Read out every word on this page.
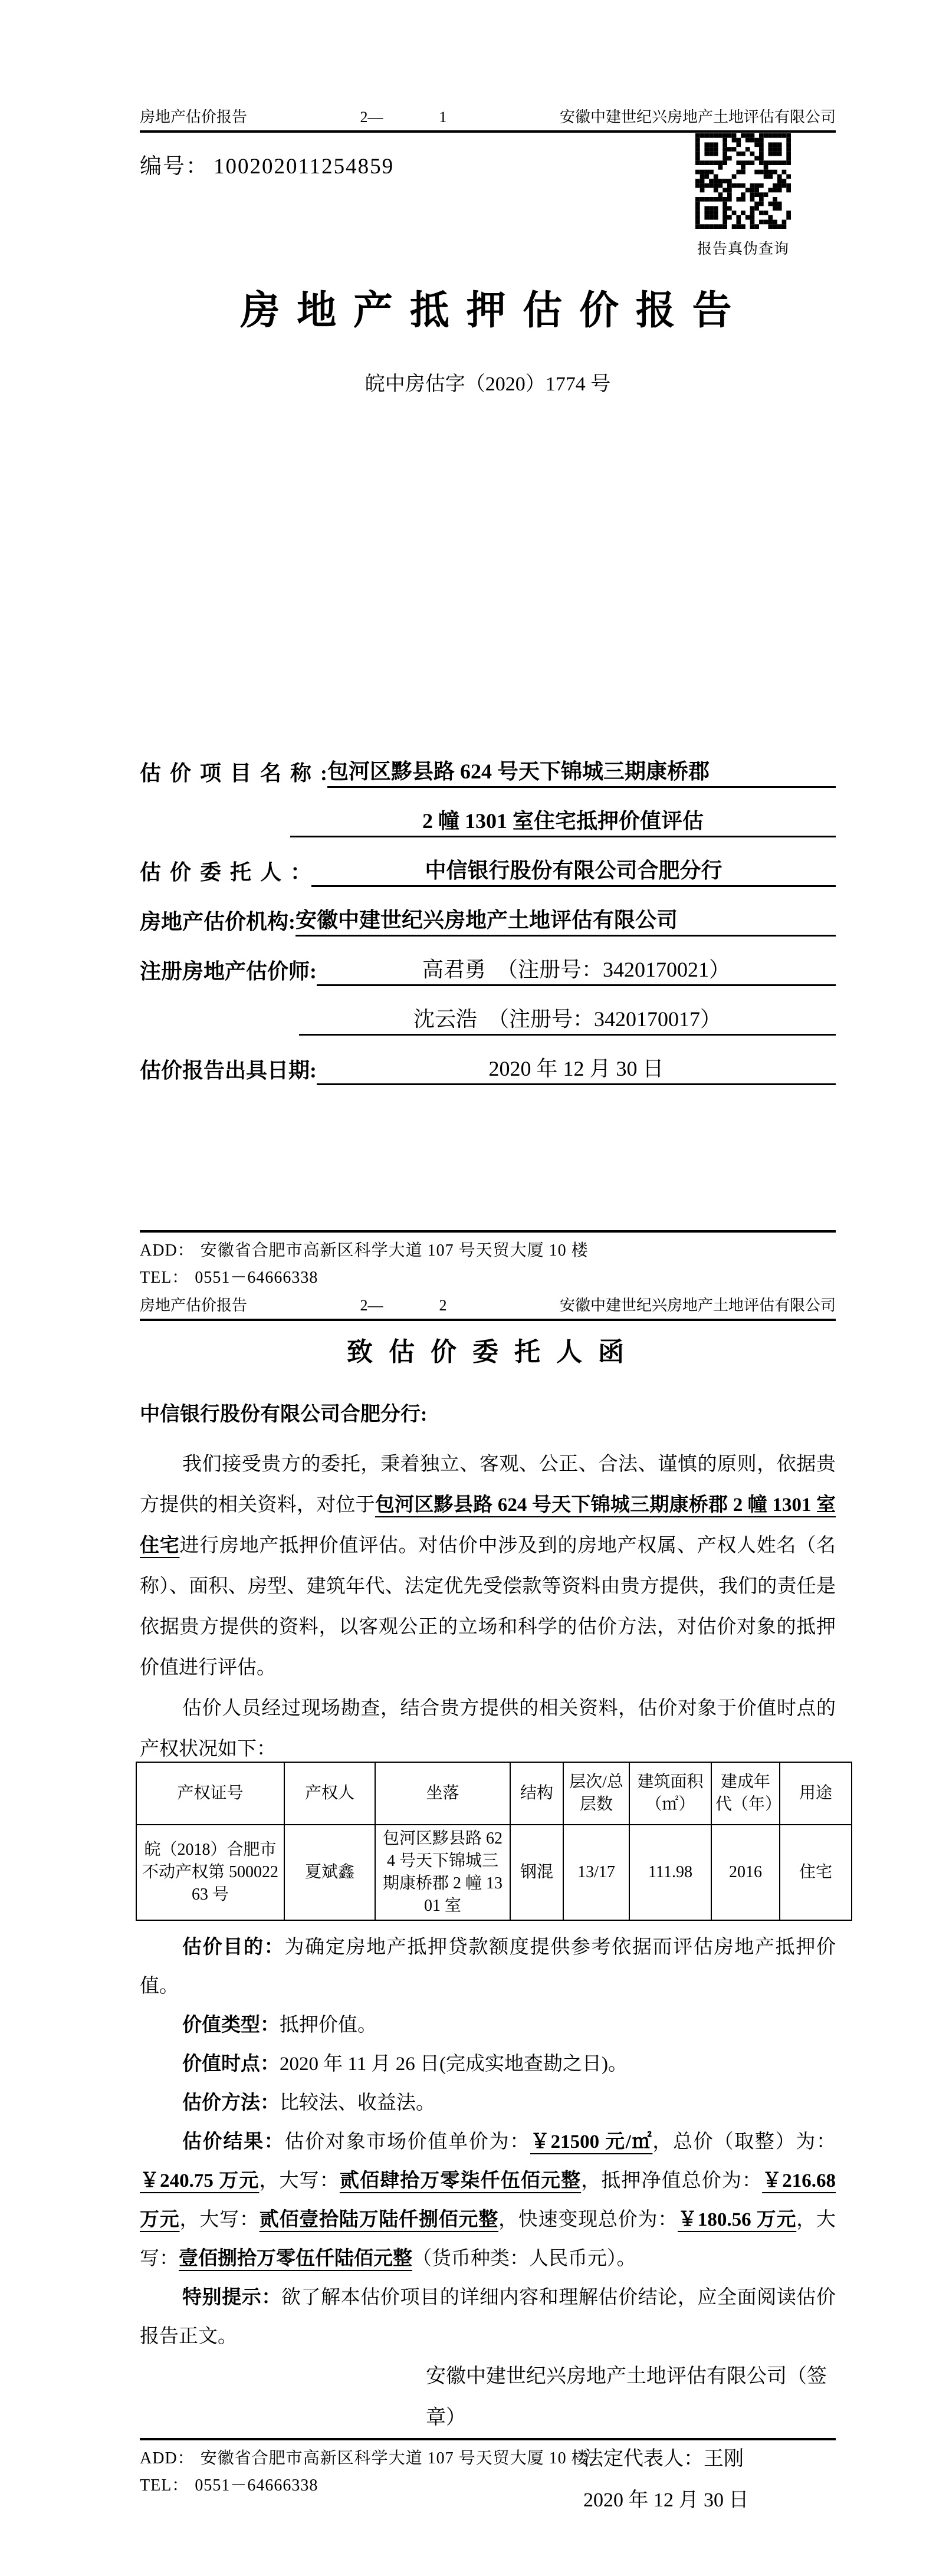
房地产估价报告	2—	1	安徽中建世纪兴房地产土地评估有限公司
编号： 100202011254859
房 地 产 抵 押 估 价 报 告
皖中房估字（2020）1774 号
估 价 项 目 名 称 : 包河区黟县路 624 号天下锦城三期康桥郡
2 幢 1301 室住宅抵押价值评估
估 价 委 托 人 ：	中信银行股份有限公司合肥分行
房地产估价机构: 安徽中建世纪兴房地产土地评估有限公司
注册房地产估价师:	高君勇　（注册号：3420170021）
沈云浩　（注册号：3420170017）
估价报告出具日期:	2020 年 12 月 30 日
报告真伪查询
ADD： 安徽省合肥市高新区科学大道 107 号天贸大厦 10 楼
TEL： 0551－64666338
房地产估价报告	2—	2	安徽中建世纪兴房地产土地评估有限公司
致 估 价 委 托 人 函
中信银行股份有限公司合肥分行:

我们接受贵方的委托，秉着独立、客观、公正、合法、谨慎的原则，依据贵方提供的相关资料，对位于包河区黟县路 624 号天下锦城三期康桥郡 2 幢 1301 室住宅进行房地产抵押价值评估。对估价中涉及到的房地产权属、产权人姓名（名称）、面积、房型、建筑年代、法定优先受偿款等资料由贵方提供，我们的责任是依据贵方提供的资料，以客观公正的立场和科学的估价方法，对估价对象的抵押价值进行评估。

估价人员经过现场勘查，结合贵方提供的相关资料，估价对象于价值时点的产权状况如下：

产权证号	产权人	坐落	结构	层次/总层数	建筑面积（㎡）	建成年代（年）	用途
皖（2018）合肥市不动产权第 50002263 号	夏斌鑫	包河区黟县路 624 号天下锦城三期康桥郡 2 幢 1301 室	钢混	13/17	111.98	2016	住宅

估价目的：为确定房地产抵押贷款额度提供参考依据而评估房地产抵押价值。

价值类型：抵押价值。

价值时点：2020 年 11 月 26 日(完成实地查勘之日)。

估价方法：比较法、收益法。

估价结果：估价对象市场价值单价为：￥21500 元/㎡，总价（取整）为：￥240.75 万元，大写：贰佰肆拾万零柒仟伍佰元整，抵押净值总价为：￥216.68 万元，大写：贰佰壹拾陆万陆仟捌佰元整，快速变现总价为：￥180.56 万元，大写：壹佰捌拾万零伍仟陆佰元整（货币种类：人民币元）。

特别提示：欲了解本估价项目的详细内容和理解估价结论，应全面阅读估价报告正文。

安徽中建世纪兴房地产土地评估有限公司（签章）
法定代表人：王刚
2020 年 12 月 30 日
ADD： 安徽省合肥市高新区科学大道 107 号天贸大厦 10 楼
TEL： 0551－64666338
